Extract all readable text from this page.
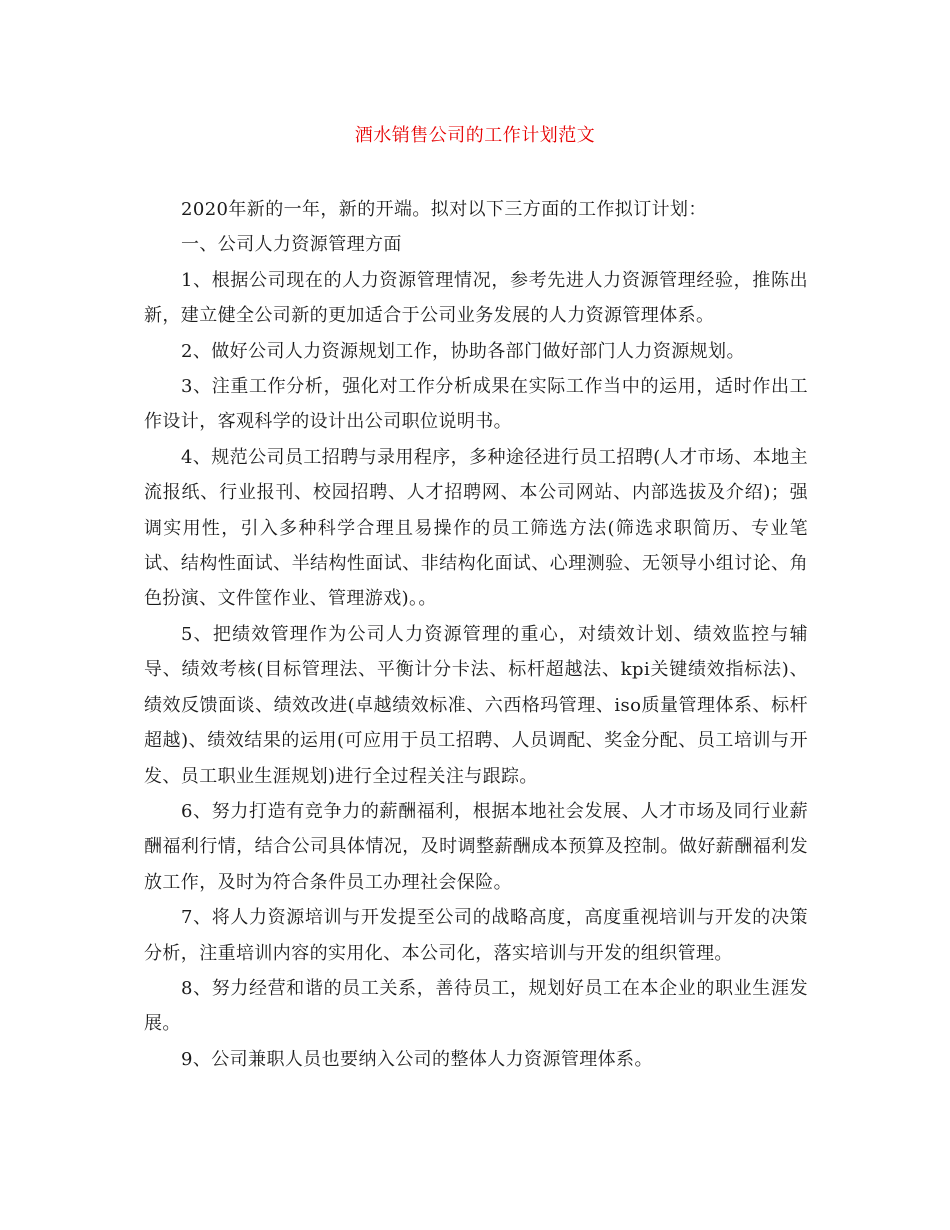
酒水销售公司的工作计划范文

2020年新的一年，新的开端。拟对以下三方面的工作拟订计划：

一、公司人力资源管理方面

1、根据公司现在的人力资源管理情况，参考先进人力资源管理经验，推陈出新，建立健全公司新的更加适合于公司业务发展的人力资源管理体系。

2、做好公司人力资源规划工作，协助各部门做好部门人力资源规划。

3、注重工作分析，强化对工作分析成果在实际工作当中的运用，适时作出工作设计，客观科学的设计出公司职位说明书。

4、规范公司员工招聘与录用程序，多种途径进行员工招聘(人才市场、本地主流报纸、行业报刊、校园招聘、人才招聘网、本公司网站、内部选拔及介绍)；强调实用性，引入多种科学合理且易操作的员工筛选方法(筛选求职简历、专业笔试、结构性面试、半结构性面试、非结构化面试、心理测验、无领导小组讨论、角色扮演、文件筐作业、管理游戏)。。

5、把绩效管理作为公司人力资源管理的重心，对绩效计划、绩效监控与辅导、绩效考核(目标管理法、平衡计分卡法、标杆超越法、kpi关键绩效指标法)、绩效反馈面谈、绩效改进(卓越绩效标准、六西格玛管理、iso质量管理体系、标杆超越)、绩效结果的运用(可应用于员工招聘、人员调配、奖金分配、员工培训与开发、员工职业生涯规划)进行全过程关注与跟踪。

6、努力打造有竞争力的薪酬福利，根据本地社会发展、人才市场及同行业薪酬福利行情，结合公司具体情况，及时调整薪酬成本预算及控制。做好薪酬福利发放工作，及时为符合条件员工办理社会保险。

7、将人力资源培训与开发提至公司的战略高度，高度重视培训与开发的决策分析，注重培训内容的实用化、本公司化，落实培训与开发的组织管理。

8、努力经营和谐的员工关系，善待员工，规划好员工在本企业的职业生涯发展。

9、公司兼职人员也要纳入公司的整体人力资源管理体系。
